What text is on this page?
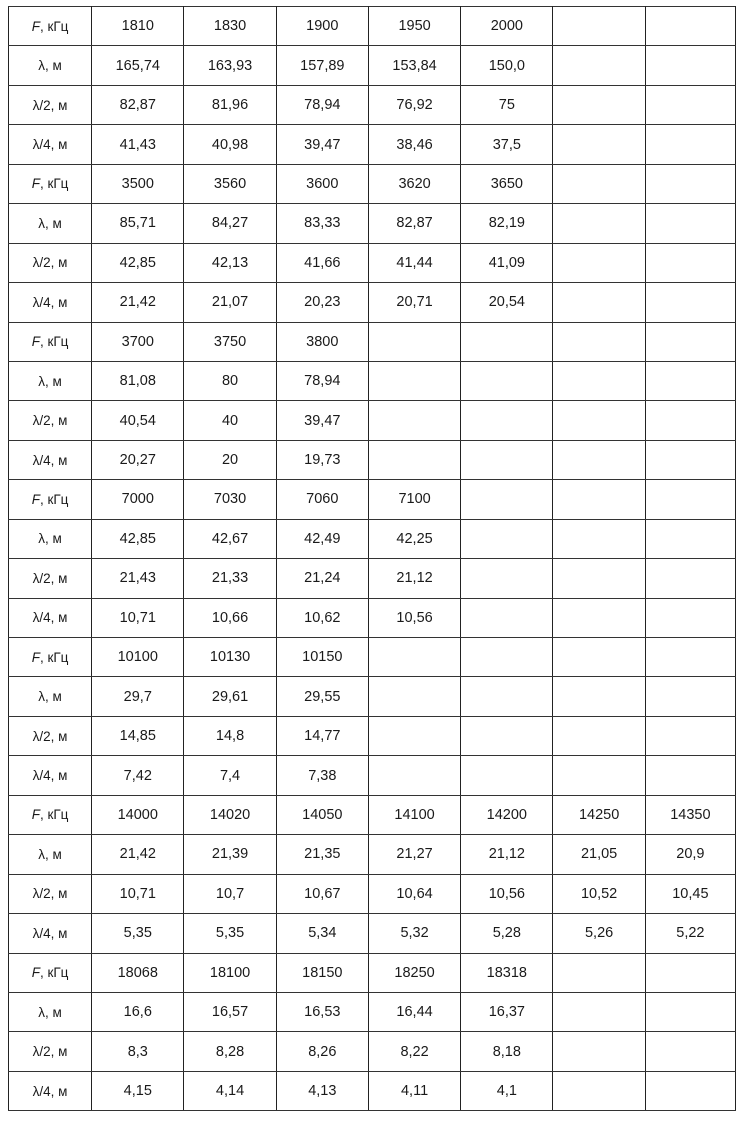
F, кГц	1810	1830	1900	1950	2000		
λ, м	165,74	163,93	157,89	153,84	150,0		
λ/2, м	82,87	81,96	78,94	76,92	75		
λ/4, м	41,43	40,98	39,47	38,46	37,5		
F, кГц	3500	3560	3600	3620	3650		
λ, м	85,71	84,27	83,33	82,87	82,19		
λ/2, м	42,85	42,13	41,66	41,44	41,09		
λ/4, м	21,42	21,07	20,23	20,71	20,54		
F, кГц	3700	3750	3800				
λ, м	81,08	80	78,94				
λ/2, м	40,54	40	39,47				
λ/4, м	20,27	20	19,73				
F, кГц	7000	7030	7060	7100			
λ, м	42,85	42,67	42,49	42,25			
λ/2, м	21,43	21,33	21,24	21,12			
λ/4, м	10,71	10,66	10,62	10,56			
F, кГц	10100	10130	10150				
λ, м	29,7	29,61	29,55				
λ/2, м	14,85	14,8	14,77				
λ/4, м	7,42	7,4	7,38				
F, кГц	14000	14020	14050	14100	14200	14250	14350
λ, м	21,42	21,39	21,35	21,27	21,12	21,05	20,9
λ/2, м	10,71	10,7	10,67	10,64	10,56	10,52	10,45
λ/4, м	5,35	5,35	5,34	5,32	5,28	5,26	5,22
F, кГц	18068	18100	18150	18250	18318		
λ, м	16,6	16,57	16,53	16,44	16,37		
λ/2, м	8,3	8,28	8,26	8,22	8,18		
λ/4, м	4,15	4,14	4,13	4,11	4,1		
